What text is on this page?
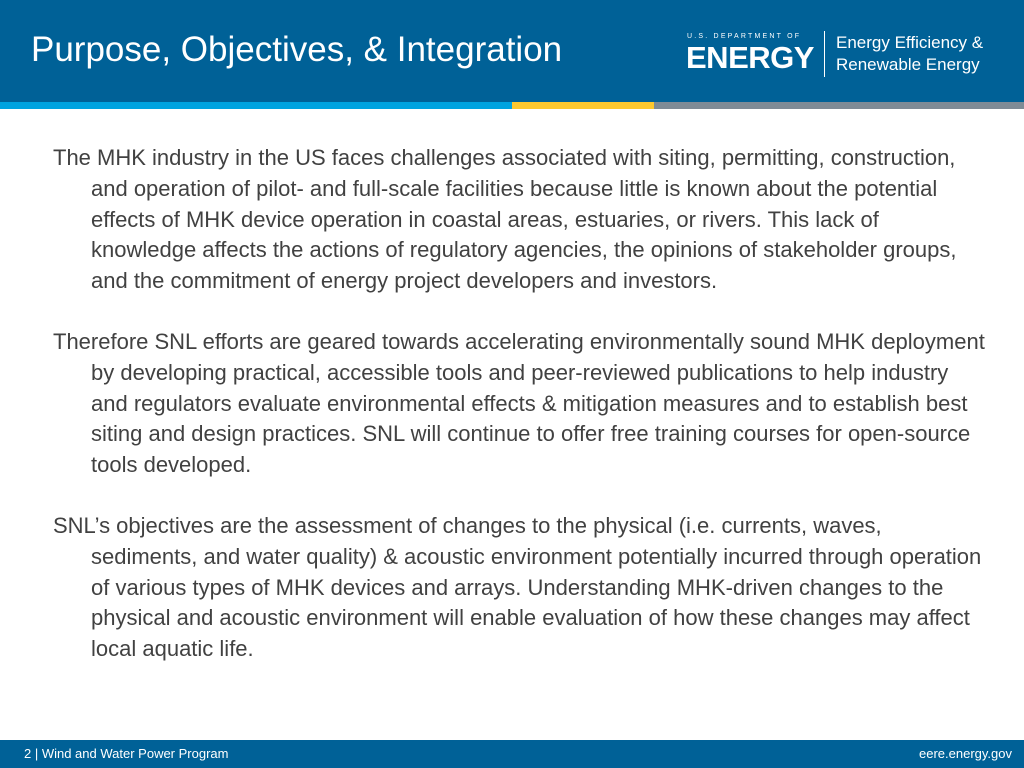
Purpose, Objectives, & Integration	U.S. DEPARTMENT OF
ENERGY Energy Efficiency &
Renewable Energy

The MHK industry in the US faces challenges associated with siting, permitting, construction, and operation of pilot- and full-scale facilities because little is known about the potential effects of MHK device operation in coastal areas, estuaries, or rivers. This lack of knowledge affects the actions of regulatory agencies, the opinions of stakeholder groups, and the commitment of energy project developers and investors.

Therefore SNL efforts are geared towards accelerating environmentally sound MHK deployment by developing practical, accessible tools and peer-reviewed publications to help industry and regulators evaluate environmental effects & mitigation measures and to establish best siting and design practices. SNL will continue to offer free training courses for open-source tools developed.

SNL’s objectives are the assessment of changes to the physical (i.e. currents, waves, sediments, and water quality) & acoustic environment potentially incurred through operation of various types of MHK devices and arrays. Understanding MHK-driven changes to the physical and acoustic environment will enable evaluation of how these changes may affect local aquatic life.

2 | Wind and Water Power Program	eere.energy.gov
